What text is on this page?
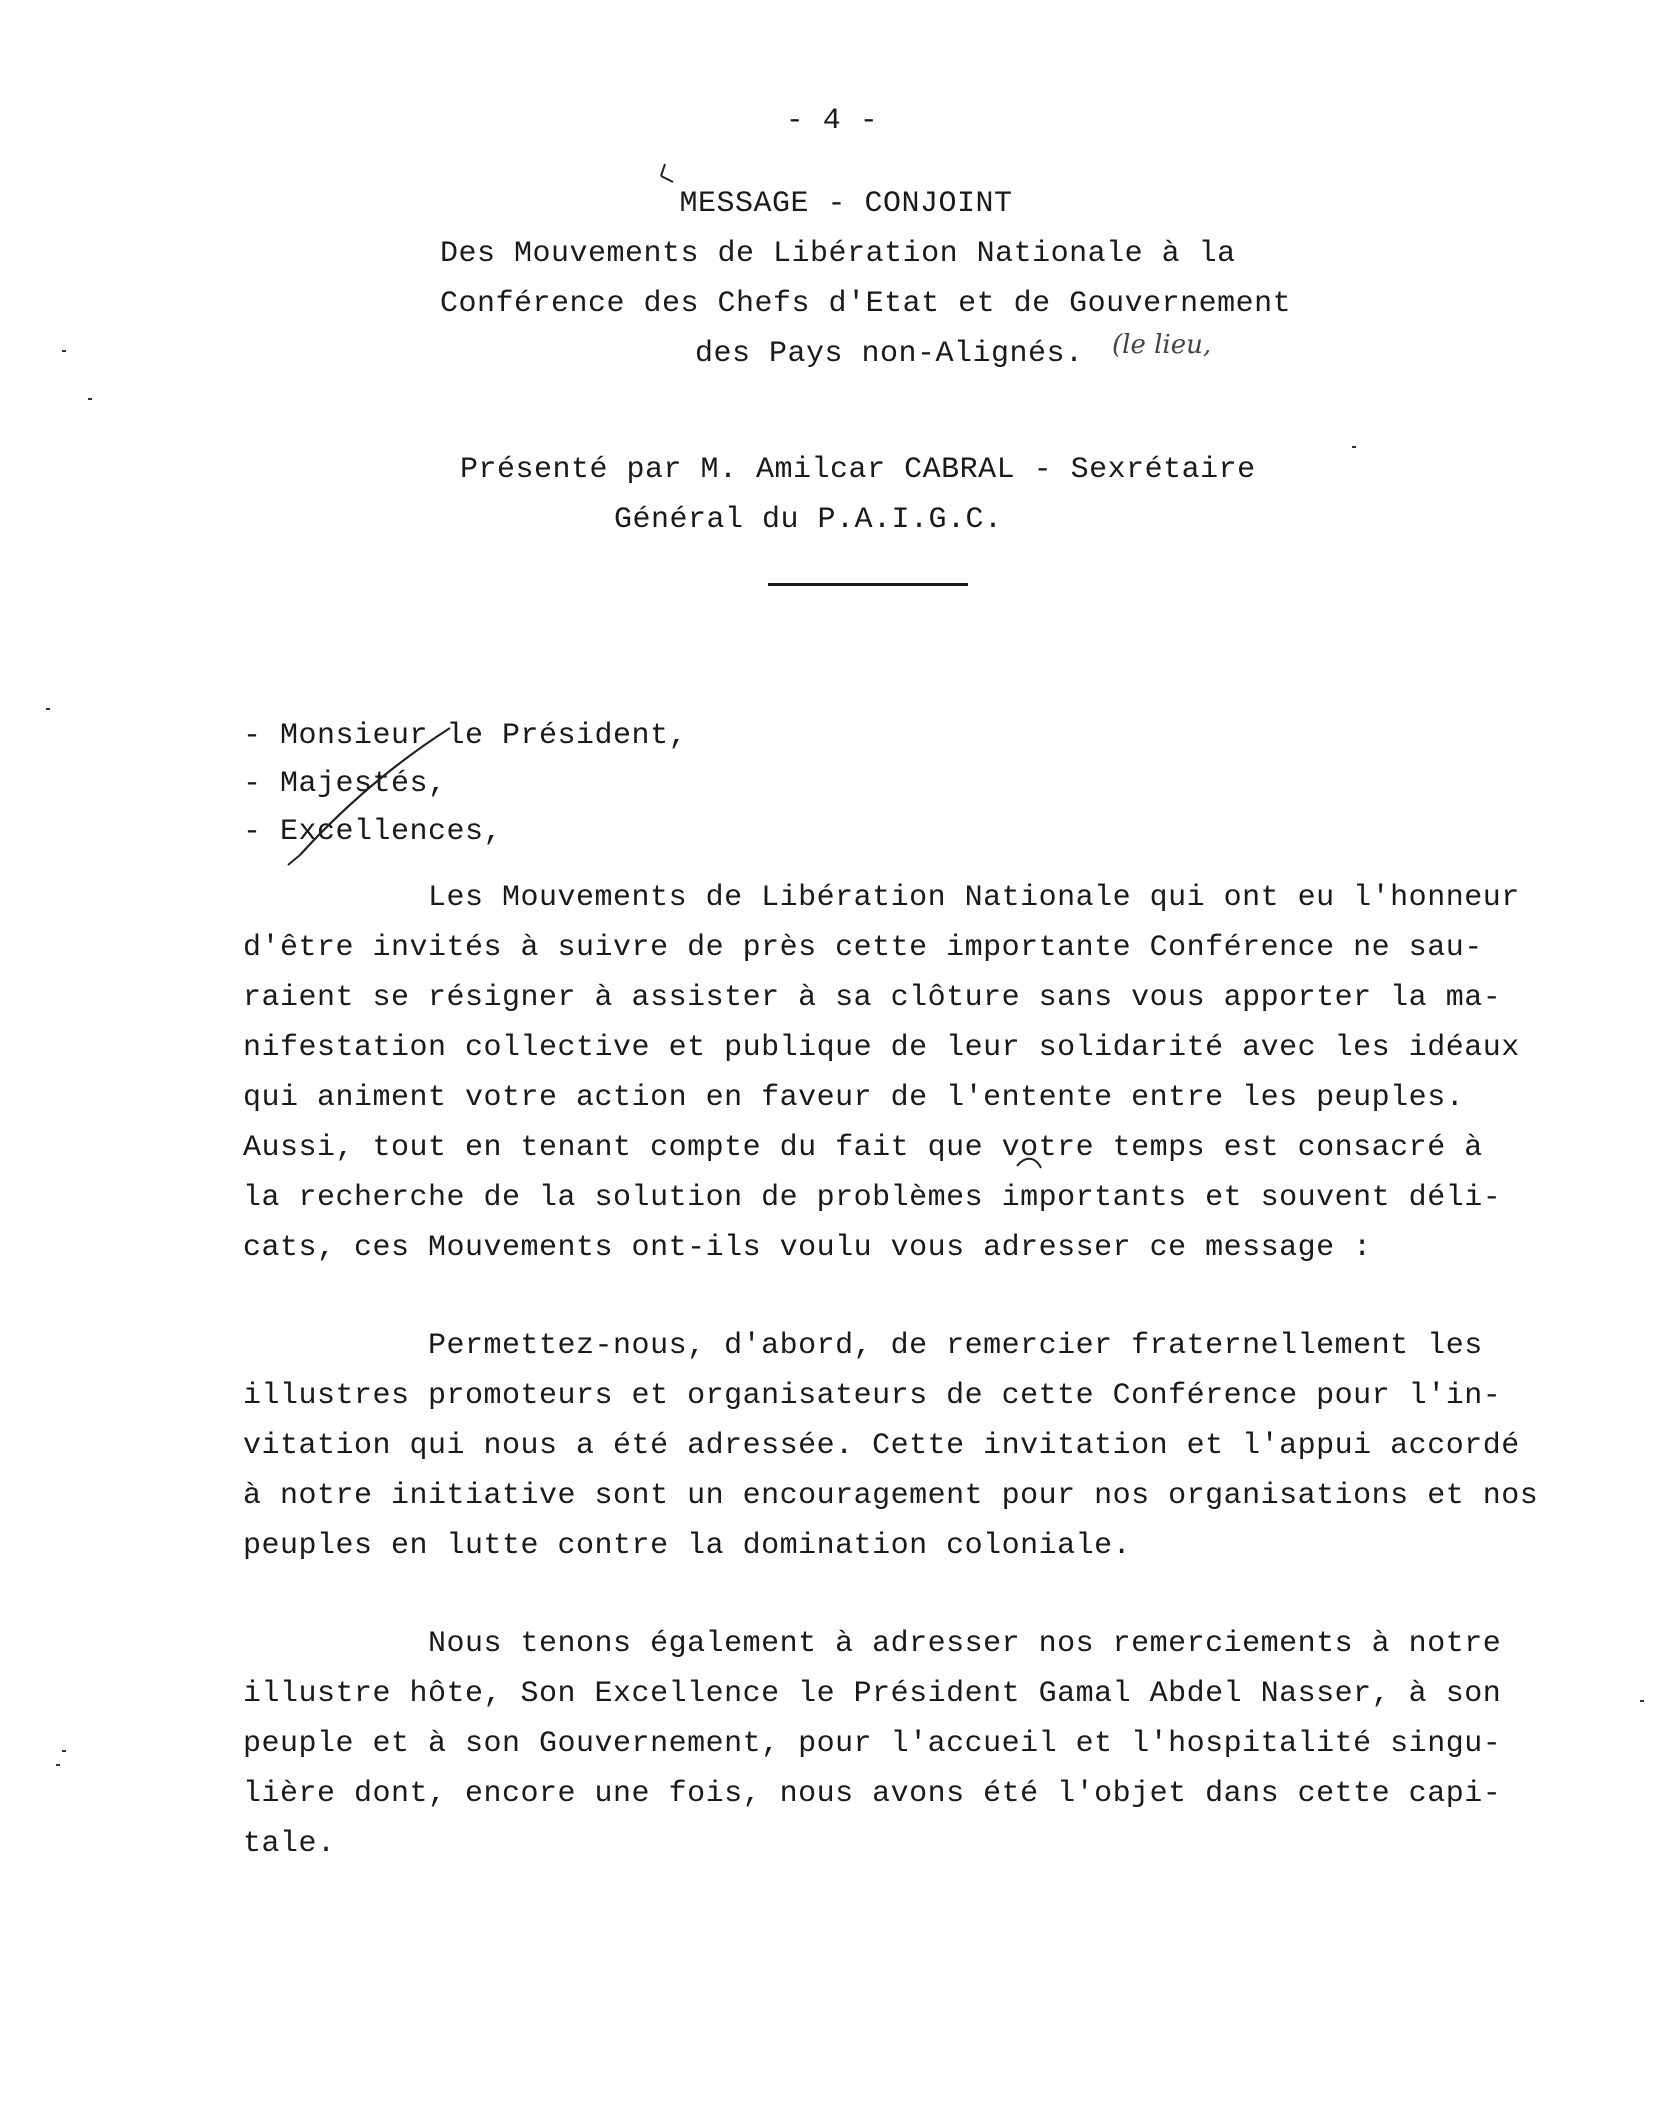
- 4 -
MESSAGE - CONJOINT
Des Mouvements de Libération Nationale à la
Conférence des Chefs d'Etat et de Gouvernement
des Pays non-Alignés. (le lieu,
Présenté par M. Amilcar CABRAL - Sexrétaire
Général du P.A.I.G.C.
- Monsieur le Président,
- Majestés,
- Excellences,
Les Mouvements de Libération Nationale qui ont eu l'honneur
d'être invités à suivre de près cette importante Conférence ne sau-
raient se résigner à assister à sa clôture sans vous apporter la ma-
nifestation collective et publique de leur solidarité avec les idéaux
qui animent votre action en faveur de l'entente entre les peuples.
Aussi, tout en tenant compte du fait que votre temps est consacré à
la recherche de la solution de problèmes importants et souvent déli-
cats, ces Mouvements ont-ils voulu vous adresser ce message :
Permettez-nous, d'abord, de remercier fraternellement les
illustres promoteurs et organisateurs de cette Conférence pour l'in-
vitation qui nous a été adressée. Cette invitation et l'appui accordé
à notre initiative sont un encouragement pour nos organisations et nos
peuples en lutte contre la domination coloniale.
Nous tenons également à adresser nos remerciements à notre
illustre hôte, Son Excellence le Président Gamal Abdel Nasser, à son
peuple et à son Gouvernement, pour l'accueil et l'hospitalité singu-
lière dont, encore une fois, nous avons été l'objet dans cette capi-
tale.
